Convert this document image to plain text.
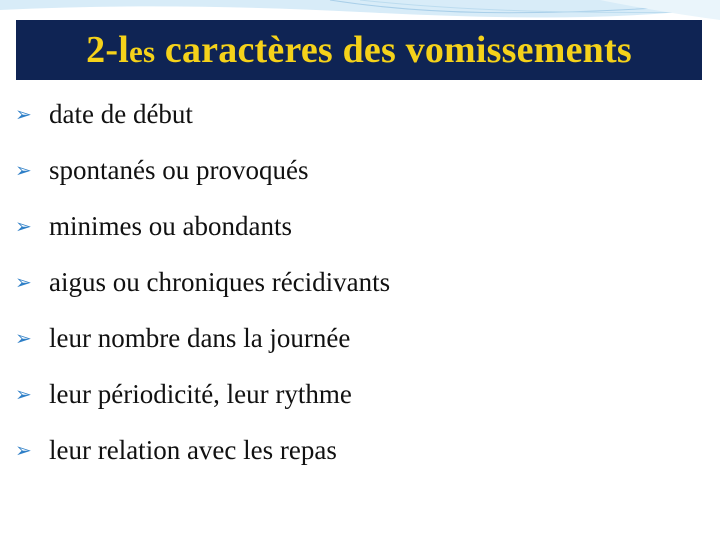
2-les caractères des vomissements
➢ date de début
➢ spontanés ou provoqués
➢ minimes ou abondants
➢ aigus ou chroniques récidivants
➢ leur nombre dans la journée
➢ leur périodicité, leur rythme
➢ leur relation avec les repas
